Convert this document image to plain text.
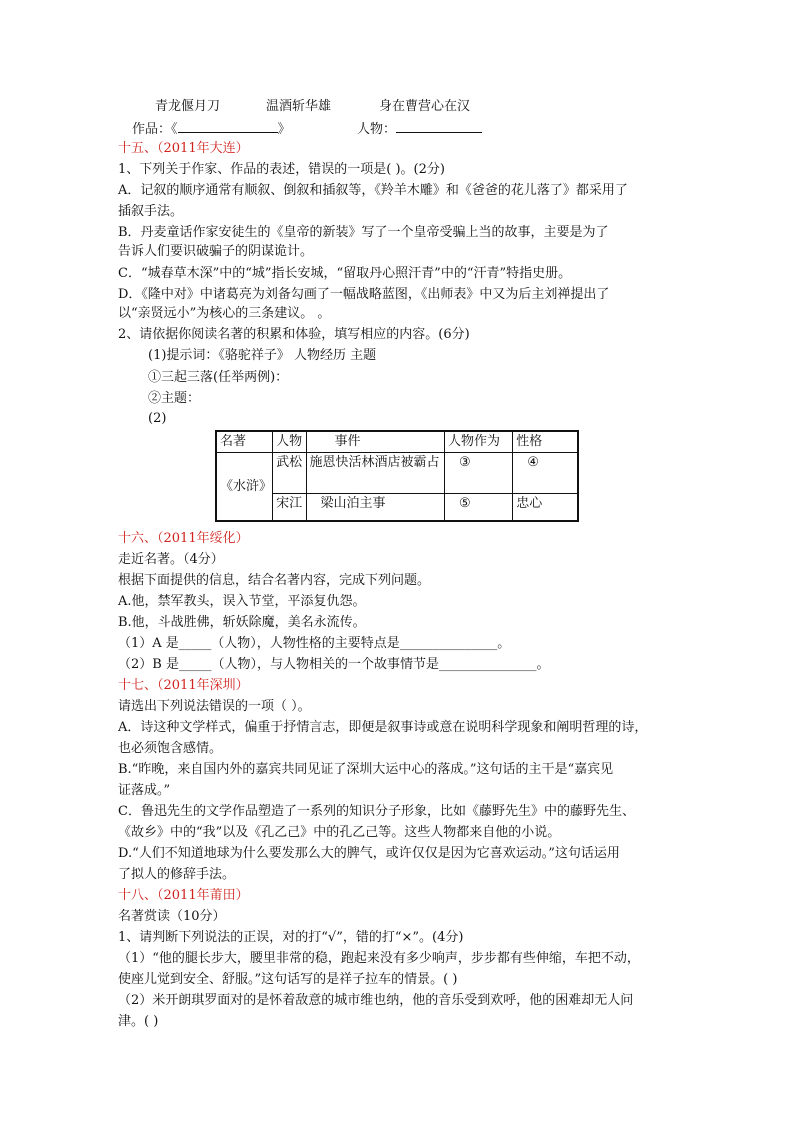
青龙偃月刀	温酒斩华雄	身在曹营心在汉
作品：《	》	人物：
十五、（2011年大连）
1、下列关于作家、作品的表述，错误的一项是( )。(2分)
A．记叙的顺序通常有顺叙、倒叙和插叙等，《羚羊木雕》和《爸爸的花儿落了》都采用了
插叙手法。
B．丹麦童话作家安徒生的《皇帝的新装》写了一个皇帝受骗上当的故事，主要是为了
告诉人们要识破骗子的阴谋诡计。
C．“城春草木深”中的“城”指长安城，“留取丹心照汗青”中的“汗青”特指史册。
D．《隆中对》中诸葛亮为刘备勾画了一幅战略蓝图，《出师表》中又为后主刘禅提出了
以“亲贤远小”为核心的三条建议。 。
2、请依据你阅读名著的积累和体验，填写相应的内容。(6分)
(1)提示词：《骆驼祥子》 人物经历 主题
①三起三落(任举两例)：
②主题：
(2)
名著	人物	事件	人物作为	性格
《水浒》	武松	施恩快活林酒店被霸占	③	④
	宋江	梁山泊主事	⑤	忠心
十六、（2011年绥化）
走近名著。（4分）
根据下面提供的信息，结合名著内容，完成下列问题。
A.他，禁军教头，误入节堂，平添复仇怨。
B.他，斗战胜佛，斩妖除魔，美名永流传。
（1）A 是_____（人物），人物性格的主要特点是_______________。
（2）B 是_____（人物），与人物相关的一个故事情节是_______________。
十七、（2011年深圳）
请选出下列说法错误的一项（ ）。
A．诗这种文学样式，偏重于抒情言志，即便是叙事诗或意在说明科学现象和阐明哲理的诗，
也必须饱含感情。
B.“昨晚，来自国内外的嘉宾共同见证了深圳大运中心的落成。”这句话的主干是“嘉宾见
证落成。”
C．鲁迅先生的文学作品塑造了一系列的知识分子形象，比如《藤野先生》中的藤野先生、
《故乡》中的“我”以及《孔乙己》中的孔乙己等。这些人物都来自他的小说。
D.“人们不知道地球为什么要发那么大的脾气，或许仅仅是因为它喜欢运动。”这句话运用
了拟人的修辞手法。
十八、（2011年莆田）
名著赏读（10分）
1、请判断下列说法的正误，对的打“√”，错的打“×”。(4分)
（1）“他的腿长步大，腰里非常的稳，跑起来没有多少响声，步步都有些伸缩，车把不动，
使座儿觉到安全、舒服。”这句话写的是祥子拉车的情景。( )
（2）米开朗琪罗面对的是怀着敌意的城市维也纳，他的音乐受到欢呼，他的困难却无人问
津。( )
